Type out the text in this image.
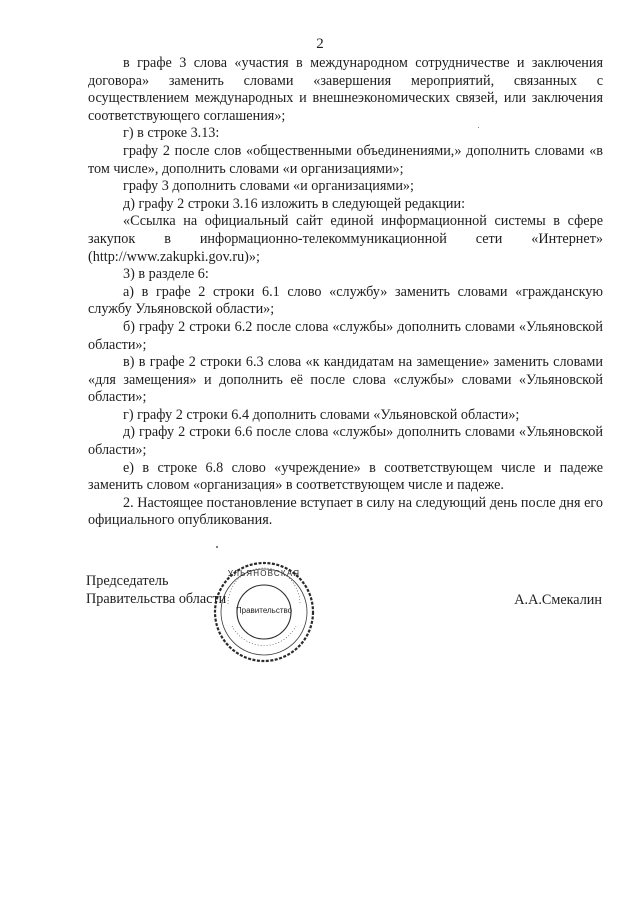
2

в графе 3 слова «участия в международном сотрудничестве и заключения договора» заменить словами «завершения мероприятий, связанных с осуществлением международных и внешнеэкономических связей, или заключения соответствующего соглашения»;

г) в строке 3.13:

графу 2 после слов «общественными объединениями,» дополнить словами «в том числе», дополнить словами «и организациями»;

графу 3 дополнить словами «и организациями»;

д) графу 2 строки 3.16 изложить в следующей редакции:

«Ссылка на официальный сайт единой информационной системы в сфере закупок в информационно-телекоммуникационной сети «Интернет» (http://www.zakupki.gov.ru)»;

3) в разделе 6:

а) в графе 2 строки 6.1 слово «службу» заменить словами «гражданскую службу Ульяновской области»;

б) графу 2 строки 6.2 после слова «службы» дополнить словами «Ульяновской области»;

в) в графе 2 строки 6.3 слова «к кандидатам на замещение» заменить словами «для замещения» и дополнить её после слова «службы» словами «Ульяновской области»;

г) графу 2 строки 6.4 дополнить словами «Ульяновской области»;

д) графу 2 строки 6.6 после слова «службы» дополнить словами «Ульяновской области»;

е) в строке 6.8 слово «учреждение» в соответствующем числе и падеже заменить словом «организация» в соответствующем числе и падеже.

2. Настоящее постановление вступает в силу на следующий день после дня его официального опубликования.

Председатель
Правительства области
УЛЬЯНОВСКАЯ
Правительство
А.А.Смекалин
